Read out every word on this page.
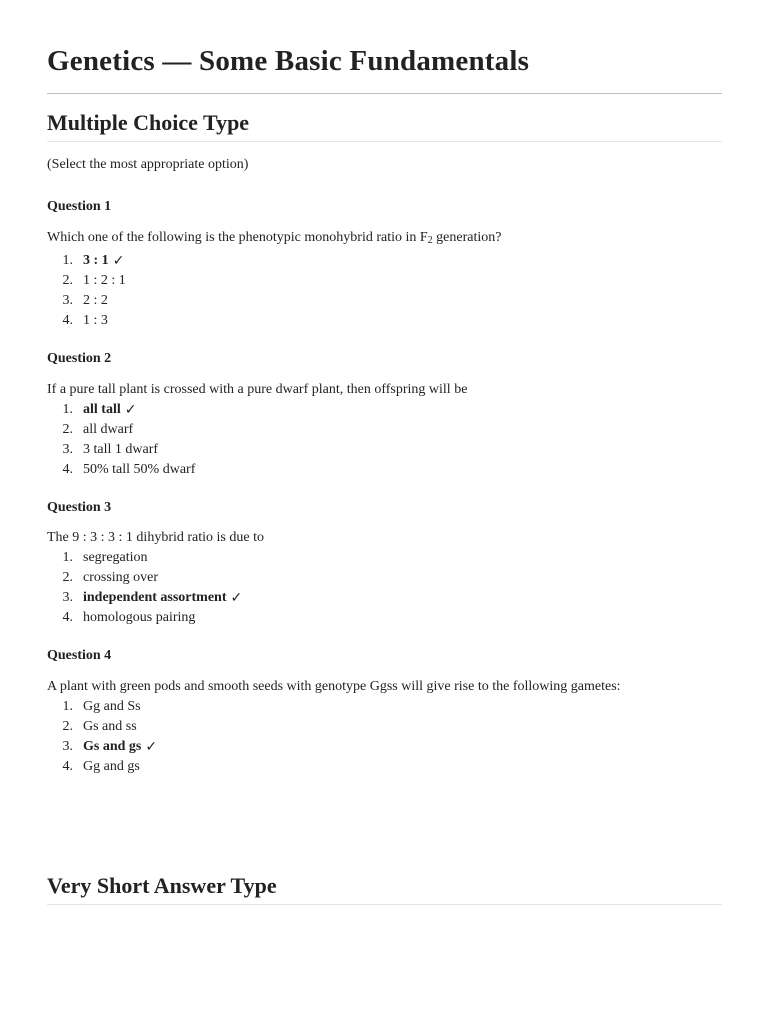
Genetics — Some Basic Fundamentals
Multiple Choice Type

(Select the most appropriate option)

Question 1

Which one of the following is the phenotypic monohybrid ratio in $F_2$ generation?

1. 3 : 1 ✓
2. 1 : 2 : 1
3. 2 : 2
4. 1 : 3

Question 2

If a pure tall plant is crossed with a pure dwarf plant, then offspring will be

1. all tall ✓
2. all dwarf
3. 3 tall 1 dwarf
4. 50% tall 50% dwarf

Question 3

The 9 : 3 : 3 : 1 dihybrid ratio is due to

1. segregation
2. crossing over
3. independent assortment ✓
4. homologous pairing

Question 4

A plant with green pods and smooth seeds with genotype Ggss will give rise to the following gametes:

1. Gg and Ss
2. Gs and ss
3. Gs and gs ✓
4. Gg and gs
Very Short Answer Type
